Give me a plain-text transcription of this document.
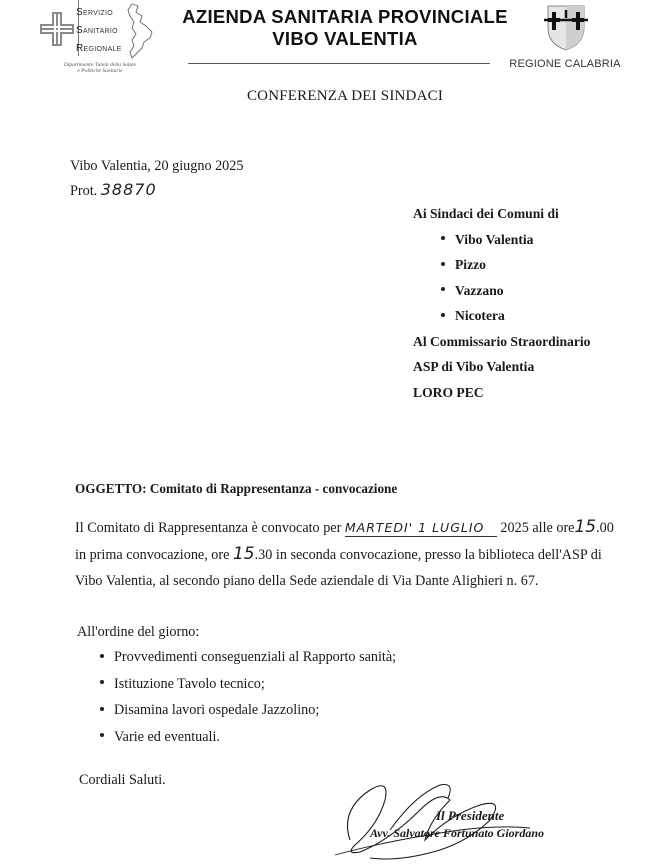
SERVIZIO
SANITARIO
REGIONALE
Dipartimento Tutela della Salute
e Politiche Sanitarie
AZIENDA SANITARIA PROVINCIALE
VIBO VALENTIA
REGIONE CALABRIA
CONFERENZA DEI SINDACI
Vibo Valentia, 20 giugno 2025
Prot. 38870
Ai Sindaci dei Comuni di
Vibo Valentia
Pizzo
Vazzano
Nicotera
Al Commissario Straordinario
ASP di Vibo Valentia
LORO PEC
OGGETTO: Comitato di Rappresentanza - convocazione
Il Comitato di Rappresentanza è convocato per MARTEDI' 1 LUGLIO 2025 alle ore15.00
in prima convocazione, ore 15.30 in seconda convocazione, presso la biblioteca dell'ASP di
Vibo Valentia, al secondo piano della Sede aziendale di Via Dante Alighieri n. 67.
All'ordine del giorno:
Provvedimenti conseguenziali al Rapporto sanità;
Istituzione Tavolo tecnico;
Disamina lavori ospedale Jazzolino;
Varie ed eventuali.
Cordiali Saluti.
Il Presidente
Avv. Salvatore Fortunato Giordano
